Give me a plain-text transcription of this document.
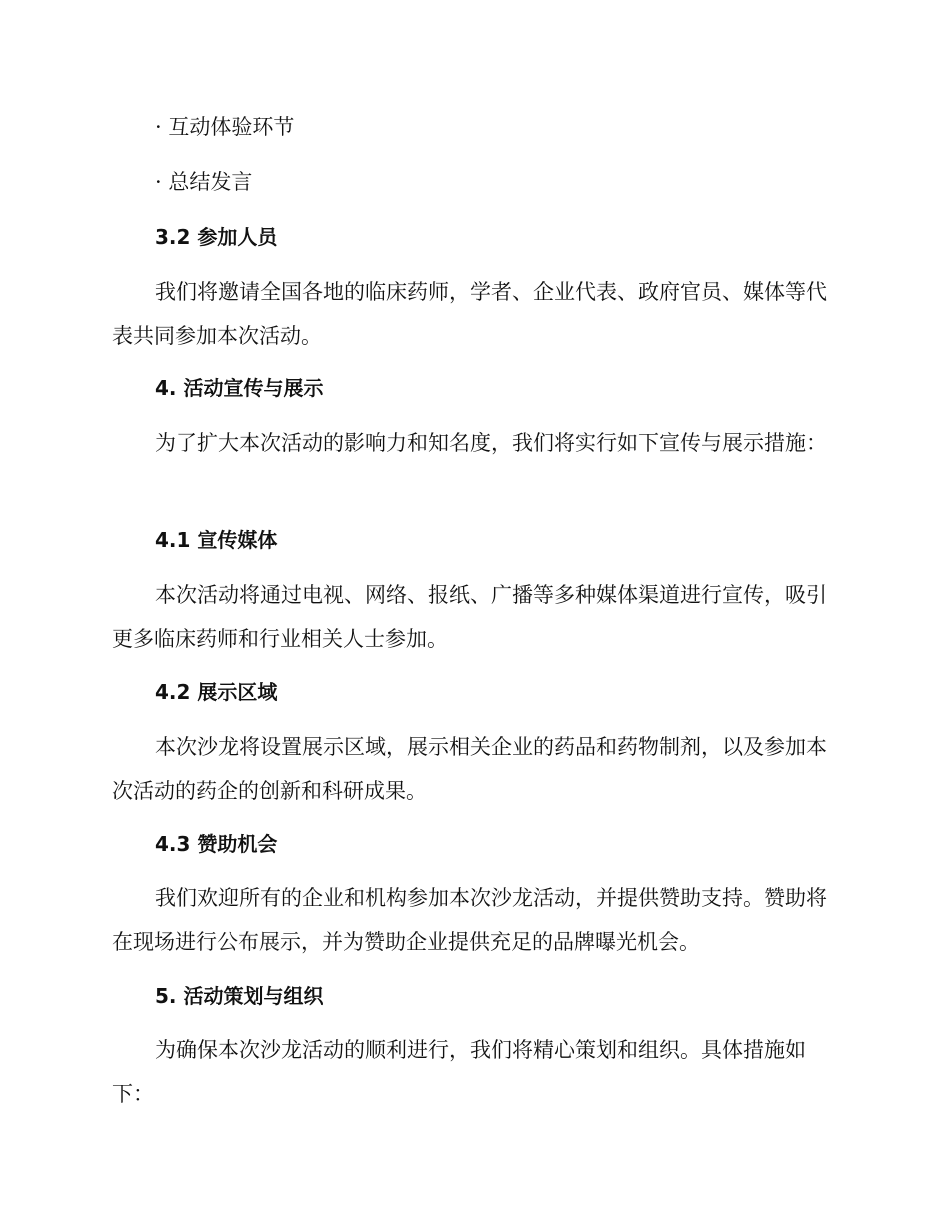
· 互动体验环节

· 总结发言

3.2 参加人员

我们将邀请全国各地的临床药师，学者、企业代表、政府官员、媒体等代表共同参加本次活动。

4. 活动宣传与展示

为了扩大本次活动的影响力和知名度，我们将实行如下宣传与展示措施：

4.1 宣传媒体

本次活动将通过电视、网络、报纸、广播等多种媒体渠道进行宣传，吸引更多临床药师和行业相关人士参加。

4.2 展示区域

本次沙龙将设置展示区域，展示相关企业的药品和药物制剂，以及参加本次活动的药企的创新和科研成果。

4.3 赞助机会

我们欢迎所有的企业和机构参加本次沙龙活动，并提供赞助支持。赞助将在现场进行公布展示，并为赞助企业提供充足的品牌曝光机会。

5. 活动策划与组织

为确保本次沙龙活动的顺利进行，我们将精心策划和组织。具体措施如下：
